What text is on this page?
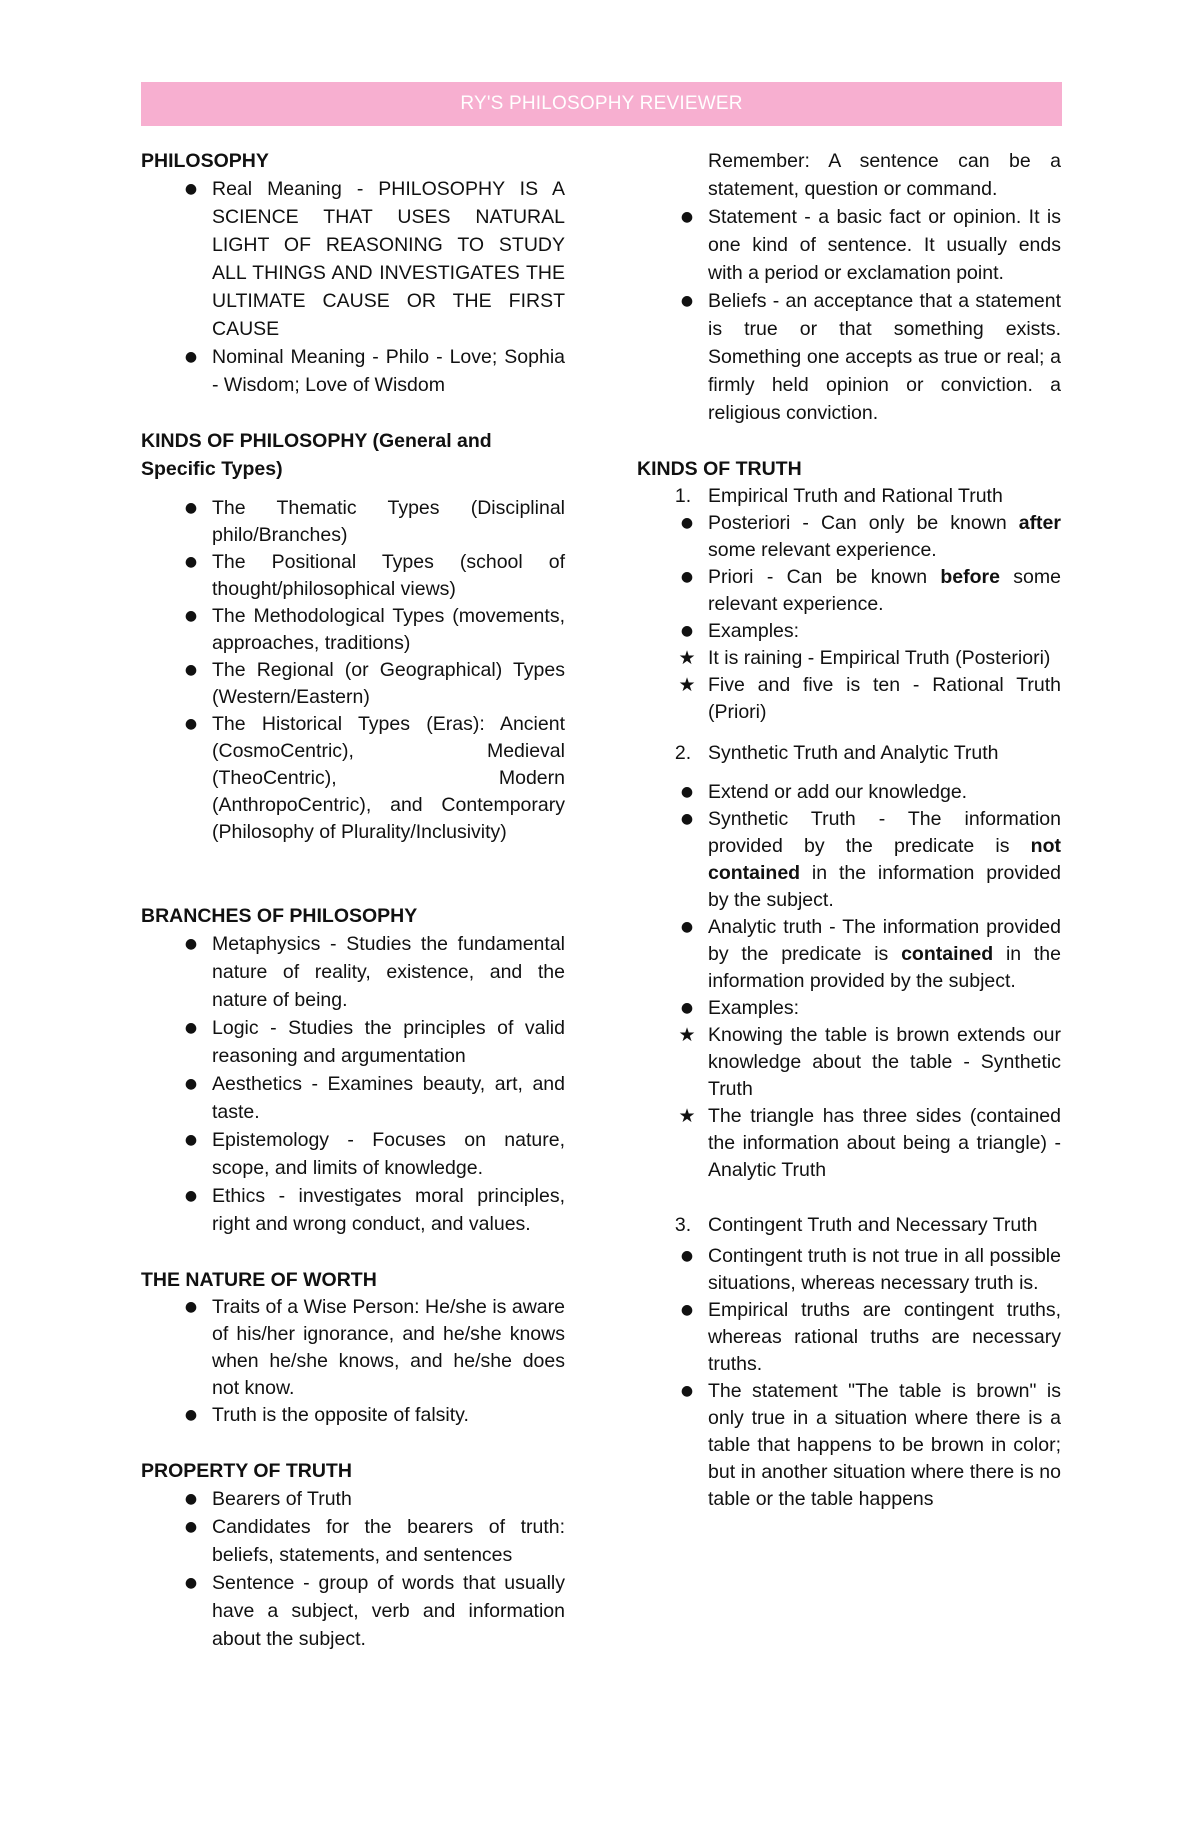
RY'S PHILOSOPHY REVIEWER
PHILOSOPHY
● Real Meaning - PHILOSOPHY IS A SCIENCE THAT USES NATURAL LIGHT OF REASONING TO STUDY ALL THINGS AND INVESTIGATES THE ULTIMATE CAUSE OR THE FIRST CAUSE
● Nominal Meaning - Philo - Love; Sophia - Wisdom; Love of Wisdom
KINDS OF PHILOSOPHY (General and Specific Types)
● The Thematic Types (Disciplinal philo/Branches)
● The Positional Types (school of thought/philosophical views)
● The Methodological Types (movements, approaches, traditions)
● The Regional (or Geographical) Types (Western/Eastern)
● The Historical Types (Eras): Ancient (CosmoCentric), Medieval (TheoCentric), Modern (AnthropoCentric), and Contemporary (Philosophy of Plurality/Inclusivity)
BRANCHES OF PHILOSOPHY
● Metaphysics - Studies the fundamental nature of reality, existence, and the nature of being.
● Logic - Studies the principles of valid reasoning and argumentation
● Aesthetics - Examines beauty, art, and taste.
● Epistemology - Focuses on nature, scope, and limits of knowledge.
● Ethics - investigates moral principles, right and wrong conduct, and values.
THE NATURE OF WORTH
● Traits of a Wise Person: He/she is aware of his/her ignorance, and he/she knows when he/she knows, and he/she does not know.
● Truth is the opposite of falsity.
PROPERTY OF TRUTH
● Bearers of Truth
● Candidates for the bearers of truth: beliefs, statements, and sentences
● Sentence - group of words that usually have a subject, verb and information about the subject.
Remember: A sentence can be a statement, question or command.
● Statement - a basic fact or opinion. It is one kind of sentence. It usually ends with a period or exclamation point.
● Beliefs - an acceptance that a statement is true or that something exists. Something one accepts as true or real; a firmly held opinion or conviction. a religious conviction.
KINDS OF TRUTH
1. Empirical Truth and Rational Truth
● Posteriori - Can only be known after some relevant experience.
● Priori - Can be known before some relevant experience.
● Examples:
★ It is raining - Empirical Truth (Posteriori)
★ Five and five is ten - Rational Truth (Priori)
2. Synthetic Truth and Analytic Truth
● Extend or add our knowledge.
● Synthetic Truth - The information provided by the predicate is not contained in the information provided by the subject.
● Analytic truth - The information provided by the predicate is contained in the information provided by the subject.
● Examples:
★ Knowing the table is brown extends our knowledge about the table - Synthetic Truth
★ The triangle has three sides (contained the information about being a triangle) - Analytic Truth
3. Contingent Truth and Necessary Truth
● Contingent truth is not true in all possible situations, whereas necessary truth is.
● Empirical truths are contingent truths, whereas rational truths are necessary truths.
● The statement "The table is brown" is only true in a situation where there is a table that happens to be brown in color; but in another situation where there is no table or the table happens
